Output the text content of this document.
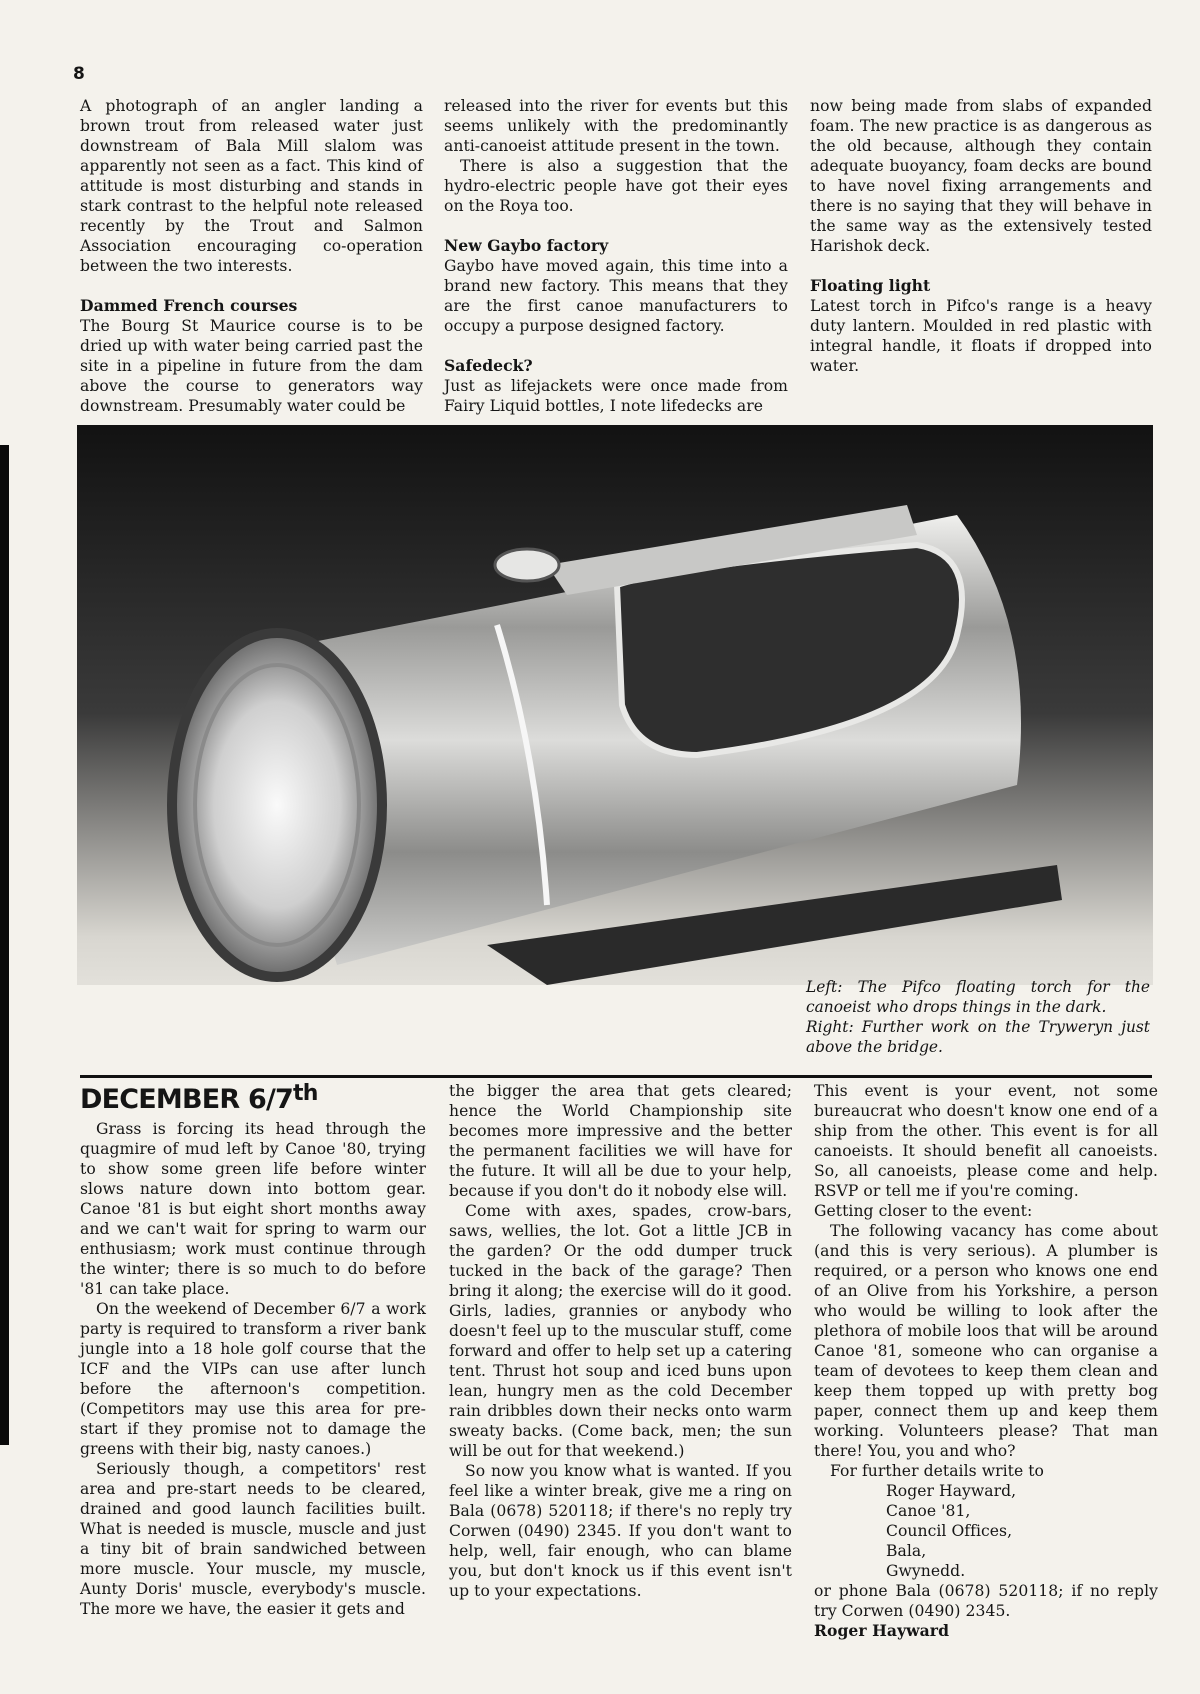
8

A photograph of an angler landing a brown trout from released water just downstream of Bala Mill slalom was apparently not seen as a fact. This kind of attitude is most disturbing and stands in stark contrast to the helpful note released recently by the Trout and Salmon Association encouraging co-operation between the two interests.

Dammed French courses

The Bourg St Maurice course is to be dried up with water being carried past the site in a pipeline in future from the dam above the course to generators way downstream. Presumably water could be

released into the river for events but this seems unlikely with the predominantly anti-canoeist attitude present in the town.

There is also a suggestion that the hydro-electric people have got their eyes on the Roya too.

New Gaybo factory

Gaybo have moved again, this time into a brand new factory. This means that they are the first canoe manufacturers to occupy a purpose designed factory.

Safedeck?

Just as lifejackets were once made from Fairy Liquid bottles, I note lifedecks are

now being made from slabs of expanded foam. The new practice is as dangerous as the old because, although they contain adequate buoyancy, foam decks are bound to have novel fixing arrangements and there is no saying that they will behave in the same way as the extensively tested Harishok deck.

Floating light

Latest torch in Pifco's range is a heavy duty lantern. Moulded in red plastic with integral handle, it floats if dropped into water.

Left: The Pifco floating torch for the canoeist who drops things in the dark.

Right: Further work on the Tryweryn just above the bridge.

DECEMBER 6/7th

Grass is forcing its head through the quagmire of mud left by Canoe '80, trying to show some green life before winter slows nature down into bottom gear. Canoe '81 is but eight short months away and we can't wait for spring to warm our enthusiasm; work must continue through the winter; there is so much to do before '81 can take place.

On the weekend of December 6/7 a work party is required to transform a river bank jungle into a 18 hole golf course that the ICF and the VIPs can use after lunch before the afternoon's competition. (Competitors may use this area for pre-start if they promise not to damage the greens with their big, nasty canoes.)

Seriously though, a competitors' rest area and pre-start needs to be cleared, drained and good launch facilities built. What is needed is muscle, muscle and just a tiny bit of brain sandwiched between more muscle. Your muscle, my muscle, Aunty Doris' muscle, everybody's muscle. The more we have, the easier it gets and

the bigger the area that gets cleared; hence the World Championship site becomes more impressive and the better the permanent facilities we will have for the future. It will all be due to your help, because if you don't do it nobody else will.

Come with axes, spades, crow-bars, saws, wellies, the lot. Got a little JCB in the garden? Or the odd dumper truck tucked in the back of the garage? Then bring it along; the exercise will do it good. Girls, ladies, grannies or anybody who doesn't feel up to the muscular stuff, come forward and offer to help set up a catering tent. Thrust hot soup and iced buns upon lean, hungry men as the cold December rain dribbles down their necks onto warm sweaty backs. (Come back, men; the sun will be out for that weekend.)

So now you know what is wanted. If you feel like a winter break, give me a ring on Bala (0678) 520118; if there's no reply try Corwen (0490) 2345. If you don't want to help, well, fair enough, who can blame you, but don't knock us if this event isn't up to your expectations.

This event is your event, not some bureaucrat who doesn't know one end of a ship from the other. This event is for all canoeists. It should benefit all canoeists. So, all canoeists, please come and help. RSVP or tell me if you're coming.

Getting closer to the event:

The following vacancy has come about (and this is very serious). A plumber is required, or a person who knows one end of an Olive from his Yorkshire, a person who would be willing to look after the plethora of mobile loos that will be around Canoe '81, someone who can organise a team of devotees to keep them clean and keep them topped up with pretty bog paper, connect them up and keep them working. Volunteers please? That man there! You, you and who?

For further details write to

Roger Hayward,

Canoe '81,

Council Offices,

Bala,

Gwynedd.

or phone Bala (0678) 520118; if no reply try Corwen (0490) 2345.

Roger Hayward
